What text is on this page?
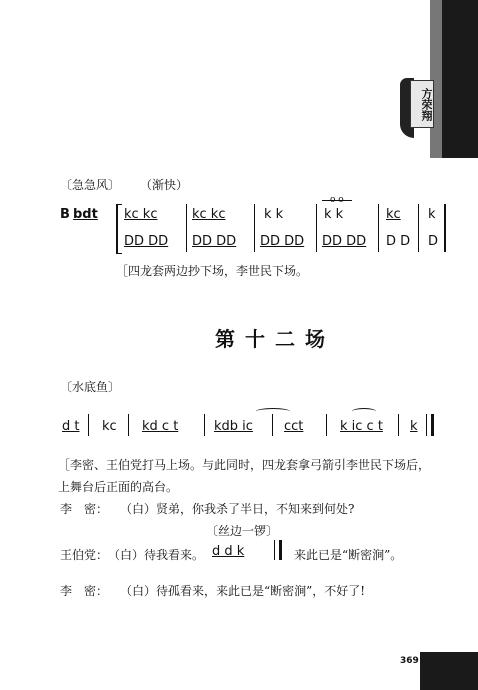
方荣翔
〔急急风〕 （渐快）
B bdt
o o
kc kc	kc kc	k k	k k	kc k
DD DD DD DD DD DD DD DD D D D
［四龙套两边抄下场，李世民下场。
第十二场
〔水底鱼〕
d t kc kd c t	kdb ic cct	k ic c t k
［李密、王伯党打马上场。与此同时，四龙套拿弓箭引李世民下场后，
上舞台后正面的高台。
李　密： （白）贤弟，你我杀了半日，不知来到何处?
〔丝边一锣〕
王伯党： （白）待我看来。 d d k	来此已是“断密涧”。
李　密： （白）待孤看来，来此已是“断密涧”，不好了!
369
